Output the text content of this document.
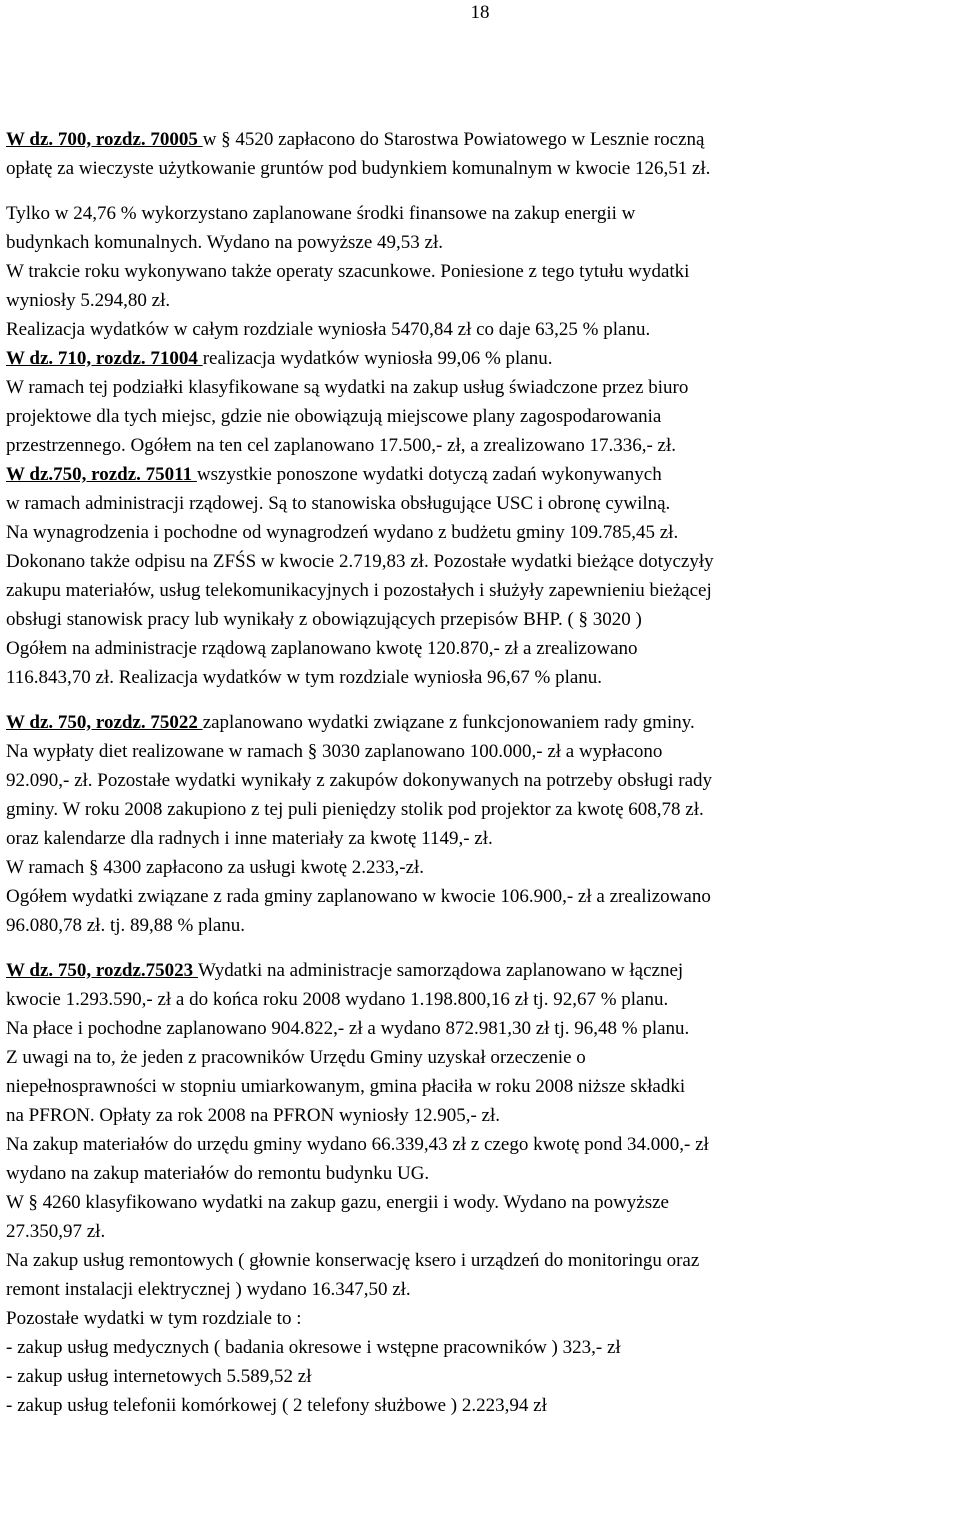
18
W dz. 700, rozdz. 70005 w § 4520 zapłacono do Starostwa Powiatowego w Lesznie roczną
opłatę za wieczyste użytkowanie gruntów pod budynkiem komunalnym w kwocie 126,51 zł.
Tylko w 24,76 % wykorzystano zaplanowane środki finansowe na zakup energii w
budynkach komunalnych. Wydano na powyższe 49,53 zł.
W trakcie roku wykonywano także operaty szacunkowe. Poniesione z tego tytułu wydatki
wyniosły 5.294,80 zł.
Realizacja wydatków w całym rozdziale wyniosła 5470,84 zł co daje 63,25 % planu.
W dz. 710, rozdz. 71004 realizacja wydatków wyniosła 99,06 % planu.
W ramach tej podziałki klasyfikowane są wydatki na zakup usług świadczone przez biuro
projektowe dla tych miejsc, gdzie nie obowiązują miejscowe plany zagospodarowania
przestrzennego. Ogółem na ten cel zaplanowano 17.500,- zł, a zrealizowano 17.336,- zł.
W dz.750, rozdz. 75011 wszystkie ponoszone wydatki dotyczą zadań wykonywanych
w ramach administracji rządowej. Są to stanowiska obsługujące USC i obronę cywilną.
Na wynagrodzenia i pochodne od wynagrodzeń wydano z budżetu gminy 109.785,45 zł.
Dokonano także odpisu na ZFŚS w kwocie 2.719,83 zł. Pozostałe wydatki bieżące dotyczyły
zakupu materiałów, usług telekomunikacyjnych i pozostałych i służyły zapewnieniu bieżącej
obsługi stanowisk pracy lub wynikały z obowiązujących przepisów BHP. ( § 3020 )
Ogółem na administracje rządową zaplanowano kwotę 120.870,- zł a zrealizowano
116.843,70 zł. Realizacja wydatków w tym rozdziale wyniosła 96,67 % planu.
W dz. 750, rozdz. 75022 zaplanowano wydatki związane z funkcjonowaniem rady gminy.
Na wypłaty diet realizowane w ramach § 3030 zaplanowano 100.000,- zł a wypłacono
92.090,- zł. Pozostałe wydatki wynikały z zakupów dokonywanych na potrzeby obsługi rady
gminy. W roku 2008 zakupiono z tej puli pieniędzy stolik pod projektor za kwotę 608,78 zł.
oraz kalendarze dla radnych i inne materiały za kwotę 1149,- zł.
W ramach § 4300 zapłacono za usługi kwotę 2.233,-zł.
Ogółem wydatki związane z rada gminy zaplanowano w kwocie 106.900,- zł a zrealizowano
96.080,78 zł. tj. 89,88 % planu.
W dz. 750, rozdz.75023 Wydatki na administracje samorządowa zaplanowano w łącznej
kwocie 1.293.590,- zł a do końca roku 2008 wydano 1.198.800,16 zł tj. 92,67 % planu.
Na płace i pochodne zaplanowano 904.822,- zł a wydano 872.981,30 zł tj. 96,48 % planu.
Z uwagi na to, że jeden z pracowników Urzędu Gminy uzyskał orzeczenie o
niepełnosprawności w stopniu umiarkowanym, gmina płaciła w roku 2008 niższe składki
na PFRON. Opłaty za rok 2008 na PFRON wyniosły 12.905,- zł.
Na zakup materiałów do urzędu gminy wydano 66.339,43 zł z czego kwotę pond 34.000,- zł
wydano na zakup materiałów do remontu budynku UG.
W § 4260 klasyfikowano wydatki na zakup gazu, energii i wody. Wydano na powyższe
27.350,97 zł.
Na zakup usług remontowych ( głownie konserwację ksero i urządzeń do monitoringu oraz
remont instalacji elektrycznej ) wydano 16.347,50 zł.
Pozostałe wydatki w tym rozdziale to :
- zakup usług medycznych ( badania okresowe i wstępne pracowników ) 323,- zł
- zakup usług internetowych 5.589,52 zł
- zakup usług telefonii komórkowej ( 2 telefony służbowe ) 2.223,94 zł
